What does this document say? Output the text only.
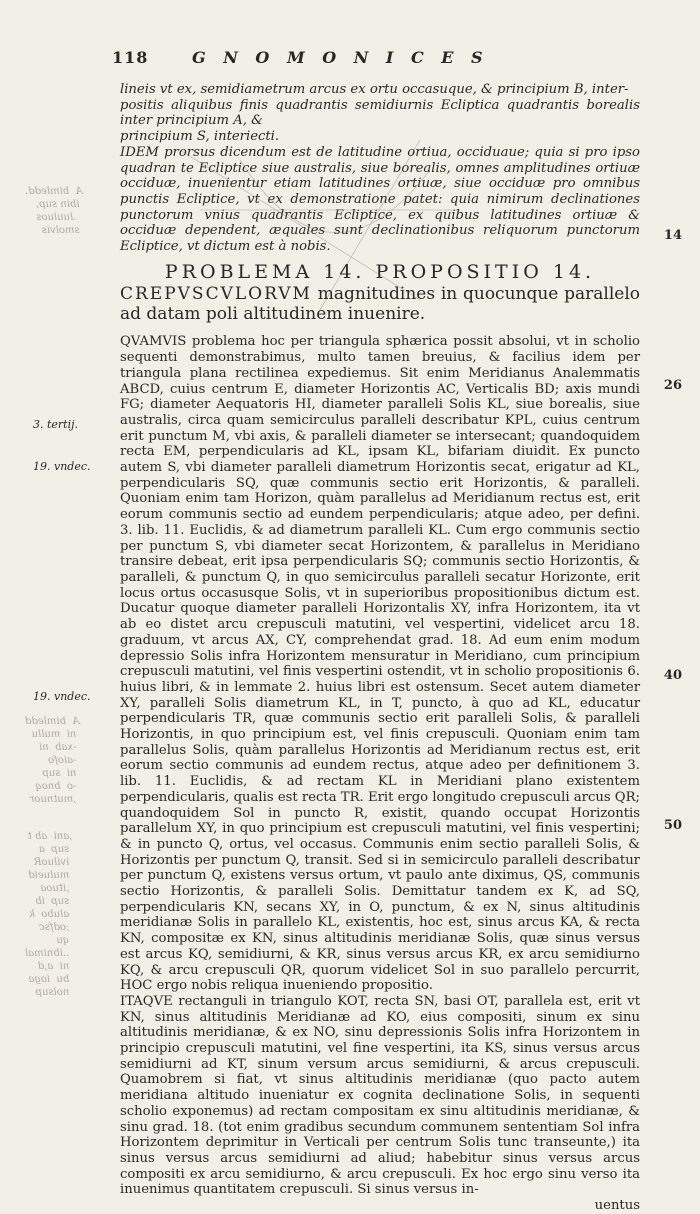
118	G N O M O N I C E S
A  bimledd.
ibin sup,
.luuluos
smolvis
A  bimledd
ni  mullu
-xab  ni
-aiofo
ni  sup
-o  bnoq
,mutnuor
,ani  ab t
sup  a
iviluoR
mulueid
,ituoa
sup  ib
alubo  k
;odfsc
qu
..ibnimal
ni  a,d
bu  ioga
nolsup
3. tertij.
19. vndec.
19. vndec.
14
26
40
50

lineis vt ex, semidiametrum arcus ex ortu occasuque, & principium B, inter-

positis aliquibus finis quadrantis semidiurnis Ecliptica quadrantis borealis inter principium A, &

principium S, interiecti.

IDEM prorsus dicendum est de latitudine ortiua, occiduaue; quia si pro ipso quadran te Ecliptice siue australis, siue borealis, omnes amplitudines ortiuæ occiduæ, inuenientur etiam latitudines ortiuæ, siue occiduæ pro omnibus punctis Ecliptice, vt ex demonstratione patet: quia nimirum declinationes punctorum vnius quadrantis Ecliptice, ex quibus latitudines ortiuæ & occiduæ dependent, æquales sunt declinationibus reliquorum punctorum Ecliptice, vt dictum est à nobis.

PROBLEMA 14. PROPOSITIO 14.

CREPVSCVLORVM magnitudines in quocunque parallelo ad datam poli altitudinem inuenire.

QVAMVIS problema hoc per triangula sphærica possit absolui, vt in scholio sequenti demonstrabimus, multo tamen breuius, & facilius idem per triangula plana rectilinea expediemus. Sit enim Meridianus Analemmatis ABCD, cuius centrum E, diameter Horizontis AC, Verticalis BD; axis mundi FG; diameter Aequatoris HI, diameter paralleli Solis KL, siue borealis, siue australis, circa quam semicirculus paralleli describatur KPL, cuius centrum erit punctum M, vbi axis, & paralleli diameter se intersecant; quandoquidem recta EM, perpendicularis ad KL, ipsam KL, bifariam diuidit. Ex puncto autem S, vbi diameter paralleli diametrum Horizontis secat, erigatur ad KL, perpendicularis SQ, quæ communis sectio erit Horizontis, & paralleli. Quoniam enim tam Horizon, quàm parallelus ad Meridianum rectus est, erit eorum communis sectio ad eundem perpendicularis; atque adeo, per defini. 3. lib. 11. Euclidis, & ad diametrum paralleli KL. Cum ergo communis sectio per punctum S, vbi diameter secat Horizontem, & parallelus in Meridiano transire debeat, erit ipsa perpendicularis SQ; communis sectio Horizontis, & paralleli, & punctum Q, in quo semicirculus paralleli secatur Horizonte, erit locus ortus occasusque Solis, vt in superioribus propositionibus dictum est. Ducatur quoque diameter paralleli Horizontalis XY, infra Horizontem, ita vt ab eo distet arcu crepusculi matutini, vel vespertini, videlicet arcu 18. graduum, vt arcus AX, CY, comprehendat grad. 18. Ad eum enim modum depressio Solis infra Horizontem mensuratur in Meridiano, cum principium crepusculi matutini, vel finis vespertini ostendit, vt in scholio propositionis 6. huius libri, & in lemmate 2. huius libri est ostensum. Secet autem diameter XY, paralleli Solis diametrum KL, in T, puncto, à quo ad KL, educatur perpendicularis TR, quæ communis sectio erit paralleli Solis, & paralleli Horizontis, in quo principium est, vel finis crepusculi. Quoniam enim tam parallelus Solis, quàm parallelus Horizontis ad Meridianum rectus est, erit eorum sectio communis ad eundem rectus, atque adeo per definitionem 3. lib. 11. Euclidis, & ad rectam KL in Meridiani plano existentem perpendicularis, qualis est recta TR. Erit ergo longitudo crepusculi arcus QR; quandoquidem Sol in puncto R, existit, quando occupat Horizontis parallelum XY, in quo principium est crepusculi matutini, vel finis vespertini; & in puncto Q, ortus, vel occasus. Communis enim sectio paralleli Solis, & Horizontis per punctum Q, transit. Sed si in semicirculo paralleli describatur per punctum Q, existens versus ortum, vt paulo ante diximus, QS, communis sectio Horizontis, & paralleli Solis. Demittatur tandem ex K, ad SQ, perpendicularis KN, secans XY, in O, punctum, & ex N, sinus altitudinis meridianæ Solis in parallelo KL, existentis, hoc est, sinus arcus KA, & recta KN, compositæ ex KN, sinus altitudinis meridianæ Solis, quæ sinus versus est arcus KQ, semidiurni, & KR, sinus versus arcus KR, ex arcu semidiurno KQ, & arcu crepusculi QR, quorum videlicet Sol in suo parallelo percurrit, HOC ergo nobis reliqua inueniendo propositio.

ITAQVE rectanguli in triangulo KOT, recta SN, basi OT, parallela est, erit vt KN, sinus altitudinis Meridianæ ad KO, eius compositi, sinum ex sinu altitudinis meridianæ, & ex NO, sinu depressionis Solis infra Horizontem in principio crepusculi matutini, vel fine vespertini, ita KS, sinus versus arcus semidiurni ad KT, sinum versum arcus semidiurni, & arcus crepusculi. Quamobrem si fiat, vt sinus altitudinis meridianæ (quo pacto autem meridiana altitudo inueniatur ex cognita declinatione Solis, in sequenti scholio exponemus) ad rectam compositam ex sinu altitudinis meridianæ, & sinu grad. 18. (tot enim gradibus secundum communem sententiam Sol infra Horizontem deprimitur in Verticali per centrum Solis tunc transeunte,) ita sinus versus arcus semidiurni ad aliud; habebitur sinus versus arcus compositi ex arcu semidiurno, & arcu crepusculi. Ex hoc ergo sinu verso ita inuenimus quantitatem crepusculi. Si sinus versus in-

uentus
